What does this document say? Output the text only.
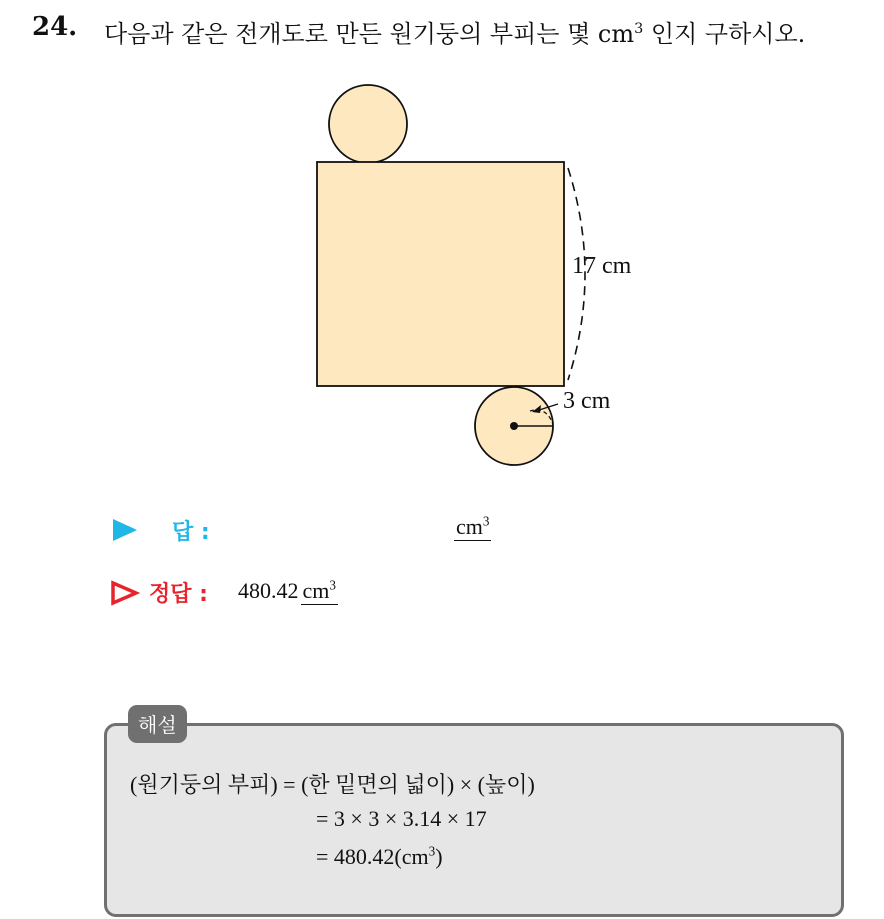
24. 다음과 같은 전개도로 만든 원기둥의 부피는 몇 $cm^3$ 인지 구하시오.
17 cm
3 cm
답 :	$cm^3$
정답 : 480.42 $cm^3$
해설
(원기둥의 부피) = (한 밑면의 넓이) × (높이)
= 3 × 3 × 3.14 × 17
= $480.42(cm^3)$
